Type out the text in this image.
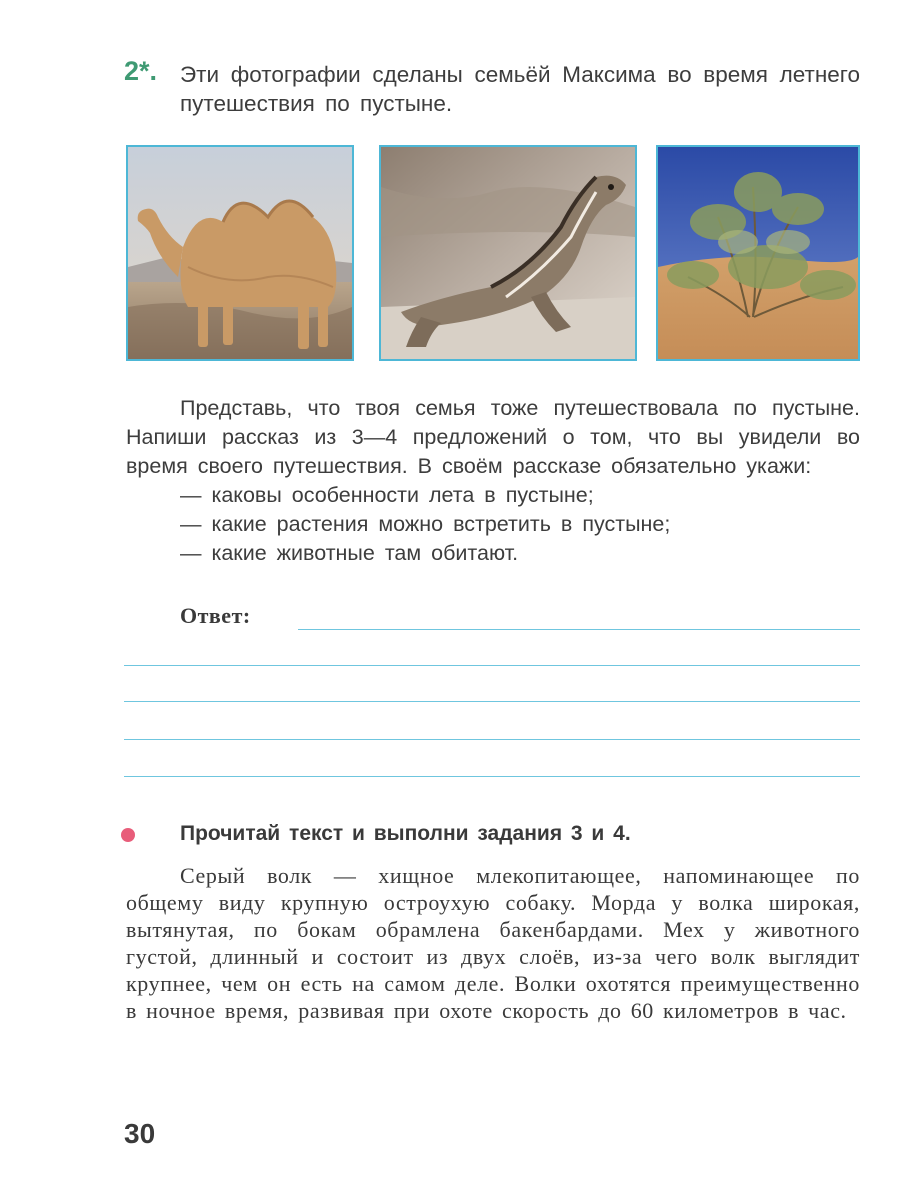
2*. Эти фотографии сделаны семьёй Максима во время летнего путешествия по пустыне.

Представь, что твоя семья тоже путешествовала по пустыне. Напиши рассказ из 3—4 предложений о том, что вы увидели во время своего путешествия. В своём рассказе обязательно укажи:

— каковы особенности лета в пустыне;
— какие растения можно встретить в пустыне;
— какие животные там обитают.
Ответ:
Прочитай текст и выполни задания 3 и 4.

Серый волк — хищное млекопитающее, напоминающее по общему виду крупную остроухую собаку. Морда у волка широкая, вытянутая, по бокам обрамлена бакенбардами. Мех у животного густой, длинный и состоит из двух слоёв, из-за чего волк выглядит крупнее, чем он есть на самом деле. Волки охотятся преимущественно в ночное время, развивая при охоте скорость до 60 километров в час.

30
